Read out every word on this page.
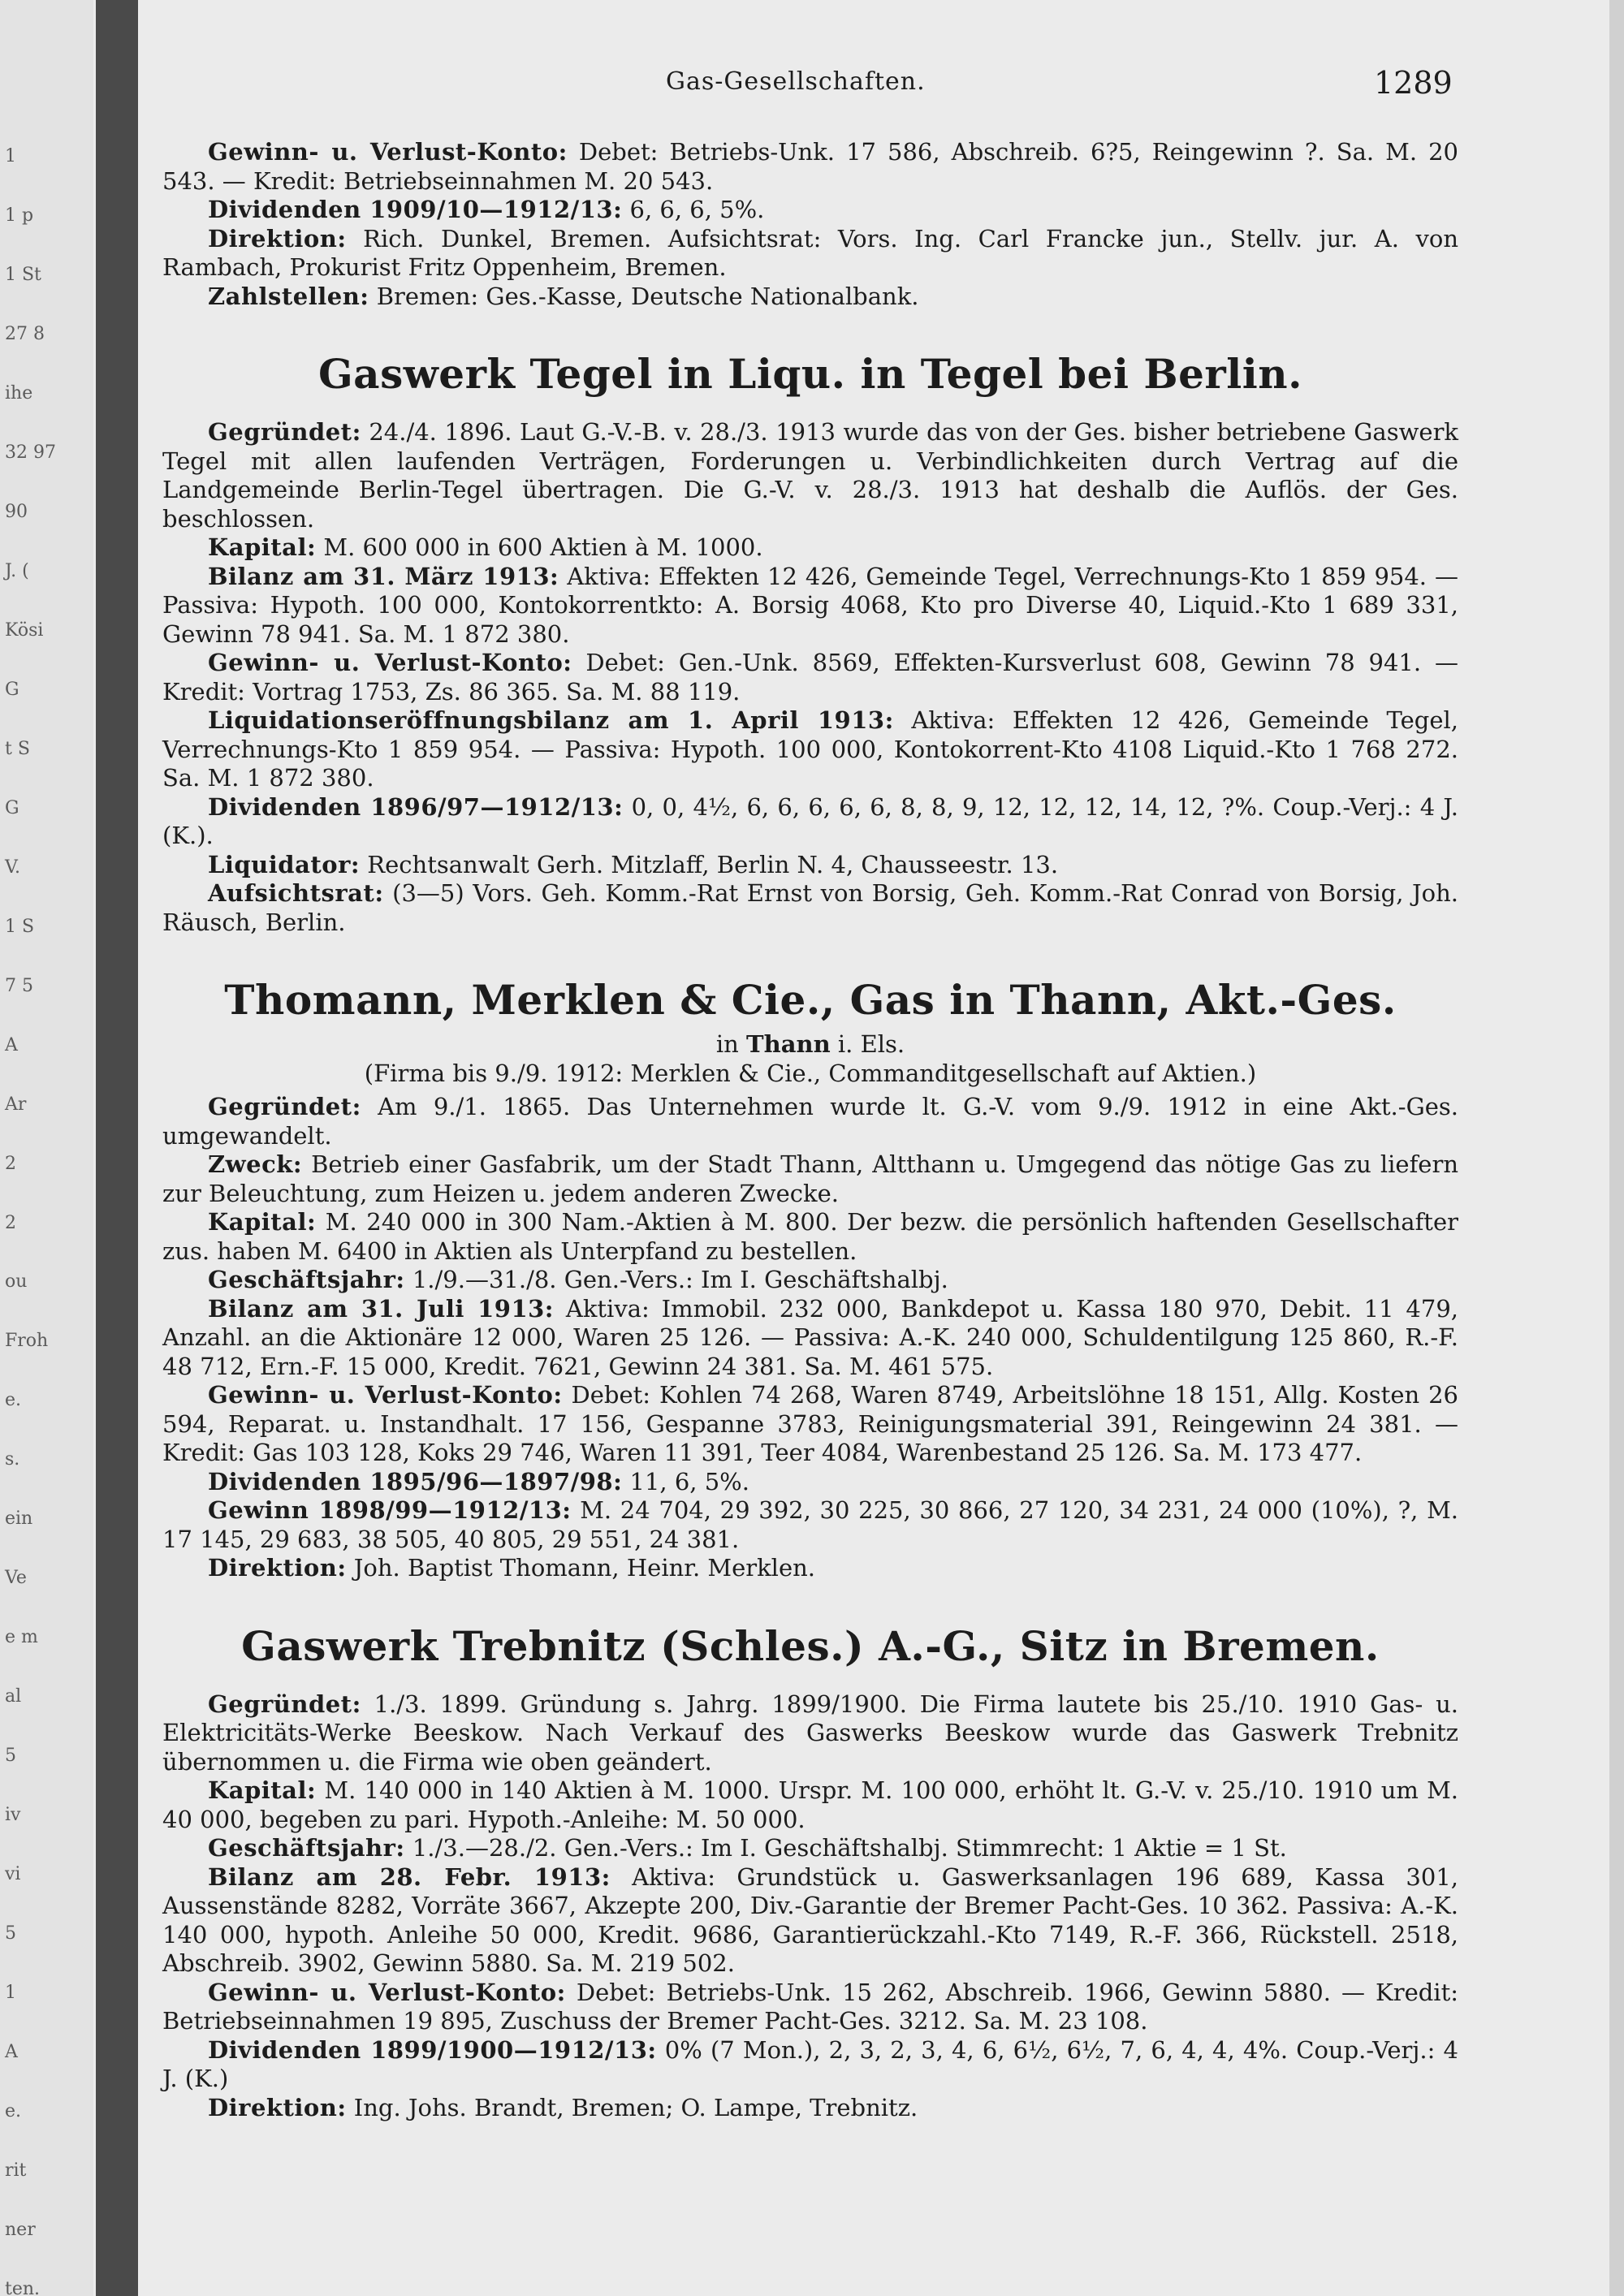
1
1 p
1 St
27 8
ihe
32 97
90
J. (
Kösi
G
t S
G
V.
1 S
7 5
A
Ar
2
2
ou
Froh
e.
s.
ein
Ve
e m
al
5
iv
vi
5
1
A
e.
rit
ner
ten.
Gas-Gesellschaften.	1289

Gewinn- u. Verlust-Konto: Debet: Betriebs-Unk. 17 586, Abschreib. 6?5, Reingewinn ?. Sa. M. 20 543. — Kredit: Betriebseinnahmen M. 20 543.

Dividenden 1909/10—1912/13: 6, 6, 6, 5%.

Direktion: Rich. Dunkel, Bremen. Aufsichtsrat: Vors. Ing. Carl Francke jun., Stellv. jur. A. von Rambach, Prokurist Fritz Oppenheim, Bremen.

Zahlstellen: Bremen: Ges.-Kasse, Deutsche Nationalbank.

Gaswerk Tegel in Liqu. in Tegel bei Berlin.

Gegründet: 24./4. 1896. Laut G.-V.-B. v. 28./3. 1913 wurde das von der Ges. bisher betriebene Gaswerk Tegel mit allen laufenden Verträgen, Forderungen u. Verbindlichkeiten durch Vertrag auf die Landgemeinde Berlin-Tegel übertragen. Die G.-V. v. 28./3. 1913 hat deshalb die Auflös. der Ges. beschlossen.

Kapital: M. 600 000 in 600 Aktien à M. 1000.

Bilanz am 31. März 1913: Aktiva: Effekten 12 426, Gemeinde Tegel, Verrechnungs-Kto 1 859 954. — Passiva: Hypoth. 100 000, Kontokorrentkto: A. Borsig 4068, Kto pro Diverse 40, Liquid.-Kto 1 689 331, Gewinn 78 941. Sa. M. 1 872 380.

Gewinn- u. Verlust-Konto: Debet: Gen.-Unk. 8569, Effekten-Kursverlust 608, Gewinn 78 941. — Kredit: Vortrag 1753, Zs. 86 365. Sa. M. 88 119.

Liquidationseröffnungsbilanz am 1. April 1913: Aktiva: Effekten 12 426, Gemeinde Tegel, Verrechnungs-Kto 1 859 954. — Passiva: Hypoth. 100 000, Kontokorrent-Kto 4108 Liquid.-Kto 1 768 272. Sa. M. 1 872 380.

Dividenden 1896/97—1912/13: 0, 0, 4½, 6, 6, 6, 6, 6, 8, 8, 9, 12, 12, 12, 14, 12, ?%. Coup.-Verj.: 4 J. (K.).

Liquidator: Rechtsanwalt Gerh. Mitzlaff, Berlin N. 4, Chausseestr. 13.

Aufsichtsrat: (3—5) Vors. Geh. Komm.-Rat Ernst von Borsig, Geh. Komm.-Rat Conrad von Borsig, Joh. Räusch, Berlin.

Thomann, Merklen & Cie., Gas in Thann, Akt.-Ges.
in Thann i. Els.
(Firma bis 9./9. 1912: Merklen & Cie., Commanditgesellschaft auf Aktien.)

Gegründet: Am 9./1. 1865. Das Unternehmen wurde lt. G.-V. vom 9./9. 1912 in eine Akt.-Ges. umgewandelt.

Zweck: Betrieb einer Gasfabrik, um der Stadt Thann, Altthann u. Umgegend das nötige Gas zu liefern zur Beleuchtung, zum Heizen u. jedem anderen Zwecke.

Kapital: M. 240 000 in 300 Nam.-Aktien à M. 800. Der bezw. die persönlich haftenden Gesellschafter zus. haben M. 6400 in Aktien als Unterpfand zu bestellen.

Geschäftsjahr: 1./9.—31./8. Gen.-Vers.: Im I. Geschäftshalbj.

Bilanz am 31. Juli 1913: Aktiva: Immobil. 232 000, Bankdepot u. Kassa 180 970, Debit. 11 479, Anzahl. an die Aktionäre 12 000, Waren 25 126. — Passiva: A.-K. 240 000, Schuldentilgung 125 860, R.-F. 48 712, Ern.-F. 15 000, Kredit. 7621, Gewinn 24 381. Sa. M. 461 575.

Gewinn- u. Verlust-Konto: Debet: Kohlen 74 268, Waren 8749, Arbeitslöhne 18 151, Allg. Kosten 26 594, Reparat. u. Instandhalt. 17 156, Gespanne 3783, Reinigungsmaterial 391, Reingewinn 24 381. — Kredit: Gas 103 128, Koks 29 746, Waren 11 391, Teer 4084, Warenbestand 25 126. Sa. M. 173 477.

Dividenden 1895/96—1897/98: 11, 6, 5%.

Gewinn 1898/99—1912/13: M. 24 704, 29 392, 30 225, 30 866, 27 120, 34 231, 24 000 (10%), ?, M. 17 145, 29 683, 38 505, 40 805, 29 551, 24 381.

Direktion: Joh. Baptist Thomann, Heinr. Merklen.

Gaswerk Trebnitz (Schles.) A.-G., Sitz in Bremen.

Gegründet: 1./3. 1899. Gründung s. Jahrg. 1899/1900. Die Firma lautete bis 25./10. 1910 Gas- u. Elektricitäts-Werke Beeskow. Nach Verkauf des Gaswerks Beeskow wurde das Gaswerk Trebnitz übernommen u. die Firma wie oben geändert.

Kapital: M. 140 000 in 140 Aktien à M. 1000. Urspr. M. 100 000, erhöht lt. G.-V. v. 25./10. 1910 um M. 40 000, begeben zu pari. Hypoth.-Anleihe: M. 50 000.

Geschäftsjahr: 1./3.—28./2. Gen.-Vers.: Im I. Geschäftshalbj. Stimmrecht: 1 Aktie = 1 St.

Bilanz am 28. Febr. 1913: Aktiva: Grundstück u. Gaswerksanlagen 196 689, Kassa 301, Aussenstände 8282, Vorräte 3667, Akzepte 200, Div.-Garantie der Bremer Pacht-Ges. 10 362. Passiva: A.-K. 140 000, hypoth. Anleihe 50 000, Kredit. 9686, Garantierückzahl.-Kto 7149, R.-F. 366, Rückstell. 2518, Abschreib. 3902, Gewinn 5880. Sa. M. 219 502.

Gewinn- u. Verlust-Konto: Debet: Betriebs-Unk. 15 262, Abschreib. 1966, Gewinn 5880. — Kredit: Betriebseinnahmen 19 895, Zuschuss der Bremer Pacht-Ges. 3212. Sa. M. 23 108.

Dividenden 1899/1900—1912/13: 0% (7 Mon.), 2, 3, 2, 3, 4, 6, 6½, 6½, 7, 6, 4, 4, 4%. Coup.-Verj.: 4 J. (K.)

Direktion: Ing. Johs. Brandt, Bremen; O. Lampe, Trebnitz.
